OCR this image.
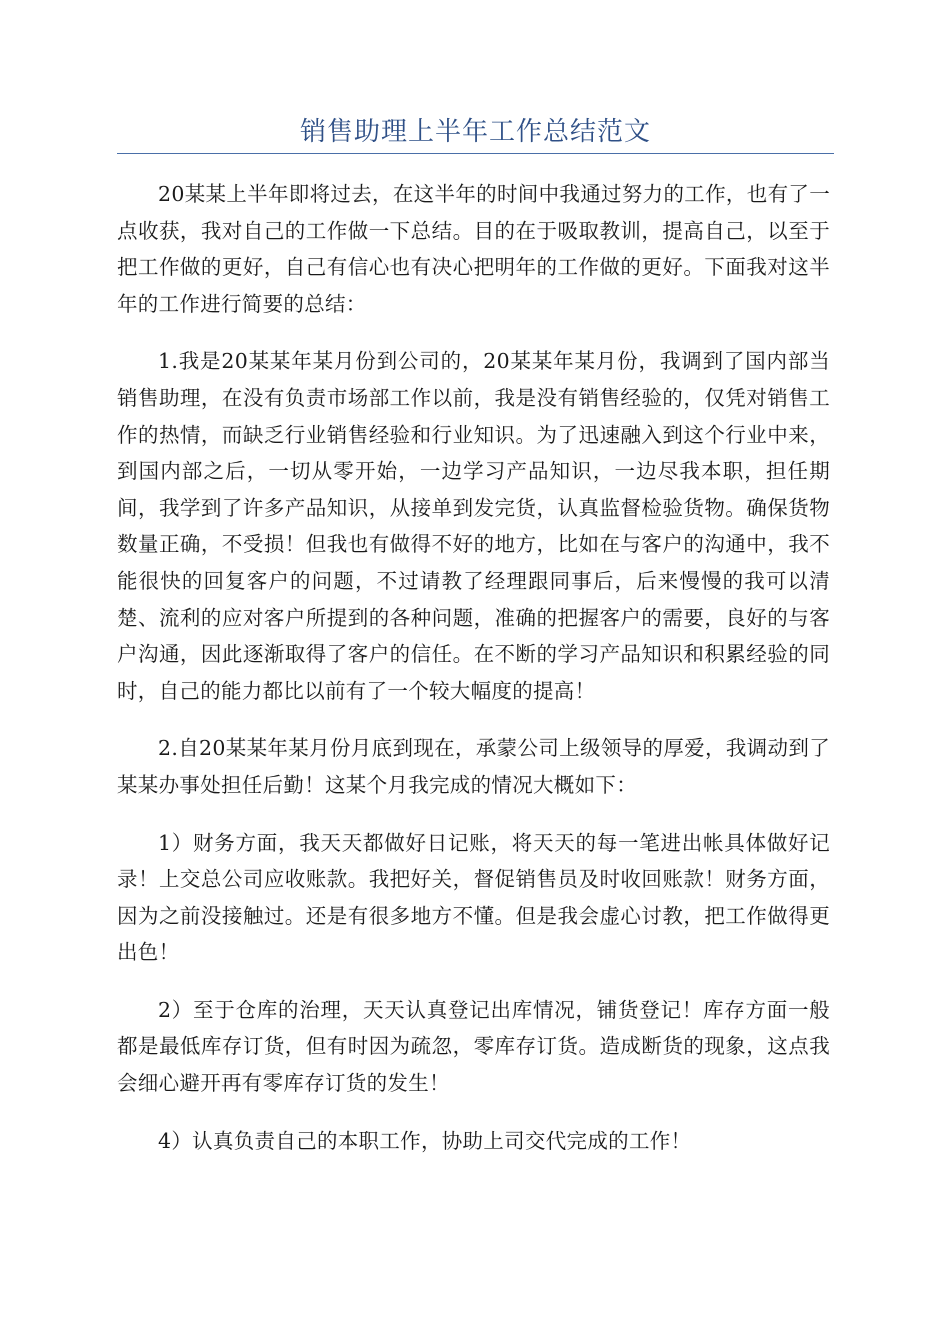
销售助理上半年工作总结范文

20某某上半年即将过去，在这半年的时间中我通过努力的工作，也有了一点收获，我对自己的工作做一下总结。目的在于吸取教训，提高自己，以至于把工作做的更好，自己有信心也有决心把明年的工作做的更好。下面我对这半年的工作进行简要的总结：

1.我是20某某年某月份到公司的，20某某年某月份，我调到了国内部当销售助理，在没有负责市场部工作以前，我是没有销售经验的，仅凭对销售工作的热情，而缺乏行业销售经验和行业知识。为了迅速融入到这个行业中来，到国内部之后，一切从零开始，一边学习产品知识，一边尽我本职，担任期间，我学到了许多产品知识，从接单到发完货，认真监督检验货物。确保货物数量正确，不受损！但我也有做得不好的地方，比如在与客户的沟通中，我不能很快的回复客户的问题，不过请教了经理跟同事后，后来慢慢的我可以清楚、流利的应对客户所提到的各种问题，准确的把握客户的需要，良好的与客户沟通，因此逐渐取得了客户的信任。在不断的学习产品知识和积累经验的同时，自己的能力都比以前有了一个较大幅度的提高！

2.自20某某年某月份月底到现在，承蒙公司上级领导的厚爱，我调动到了某某办事处担任后勤！这某个月我完成的情况大概如下：

1）财务方面，我天天都做好日记账，将天天的每一笔进出帐具体做好记录！上交总公司应收账款。我把好关，督促销售员及时收回账款！财务方面，因为之前没接触过。还是有很多地方不懂。但是我会虚心讨教，把工作做得更出色！

2）至于仓库的治理，天天认真登记出库情况，铺货登记！库存方面一般都是最低库存订货，但有时因为疏忽，零库存订货。造成断货的现象，这点我会细心避开再有零库存订货的发生！

4）认真负责自己的本职工作，协助上司交代完成的工作！
